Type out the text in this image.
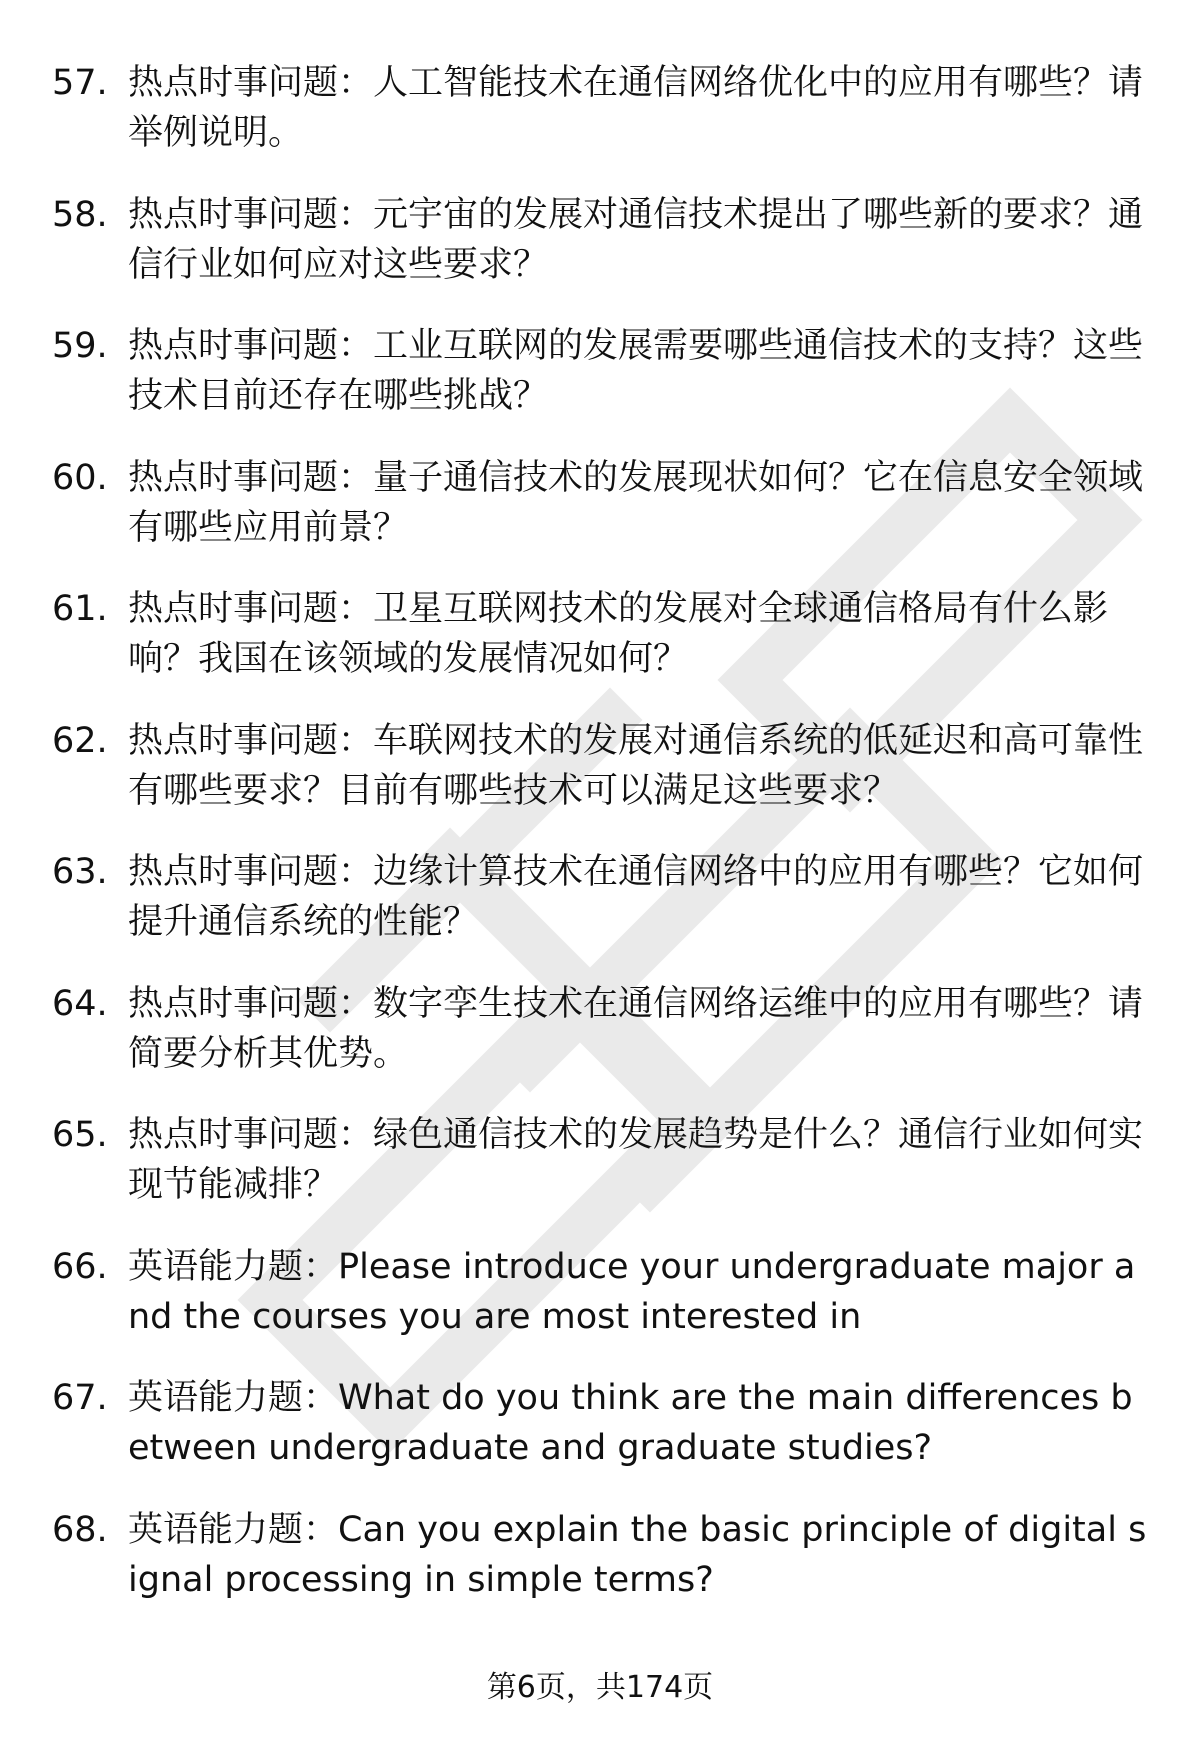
57. 热点时事问题：人工智能技术在通信网络优化中的应用有哪些？请举例说明。
58. 热点时事问题：元宇宙的发展对通信技术提出了哪些新的要求？通信行业如何应对这些要求？
59. 热点时事问题：工业互联网的发展需要哪些通信技术的支持？这些技术目前还存在哪些挑战？
60. 热点时事问题：量子通信技术的发展现状如何？它在信息安全领域有哪些应用前景？
61. 热点时事问题：卫星互联网技术的发展对全球通信格局有什么影响？我国在该领域的发展情况如何？
62. 热点时事问题：车联网技术的发展对通信系统的低延迟和高可靠性有哪些要求？目前有哪些技术可以满足这些要求？
63. 热点时事问题：边缘计算技术在通信网络中的应用有哪些？它如何提升通信系统的性能？
64. 热点时事问题：数字孪生技术在通信网络运维中的应用有哪些？请简要分析其优势。
65. 热点时事问题：绿色通信技术的发展趋势是什么？通信行业如何实现节能减排？
66. 英语能力题：Please introduce your undergraduate major and the courses you are most interested in
67. 英语能力题：What do you think are the main differences between undergraduate and graduate studies?
68. 英语能力题：Can you explain the basic principle of digital signal processing in simple terms?
第6页，共174页
